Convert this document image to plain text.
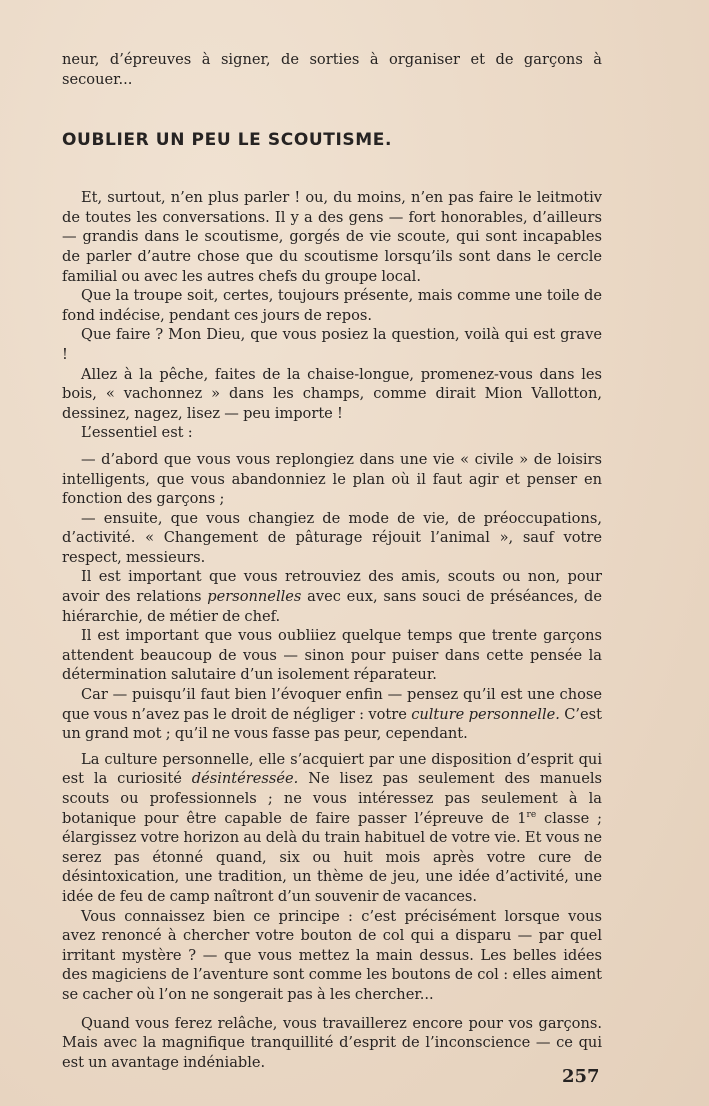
neur, d’épreuves à signer, de sorties à organiser et de garçons à secouer...

OUBLIER UN PEU LE SCOUTISME.

Et, surtout, n’en plus parler ! ou, du moins, n’en pas faire le leitmotiv de toutes les conversations. Il y a des gens — fort honorables, d’ailleurs — grandis dans le scoutisme, gorgés de vie scoute, qui sont incapables de parler d’autre chose que du scoutisme lorsqu’ils sont dans le cercle familial ou avec les autres chefs du groupe local.

Que la troupe soit, certes, toujours présente, mais comme une toile de fond indécise, pendant ces jours de repos.

Que faire ? Mon Dieu, que vous posiez la question, voilà qui est grave !

Allez à la pêche, faites de la chaise-longue, promenez-vous dans les bois, « vachonnez » dans les champs, comme dirait Mion Vallotton, dessinez, nagez, lisez — peu importe !

L’essentiel est :

— d’abord que vous vous replongiez dans une vie « civile » de loisirs intelligents, que vous abandonniez le plan où il faut agir et penser en fonction des garçons ;

— ensuite, que vous changiez de mode de vie, de préoccupations, d’activité. « Changement de pâturage réjouit l’animal », sauf votre respect, messieurs.

Il est important que vous retrouviez des amis, scouts ou non, pour avoir des relations personnelles avec eux, sans souci de préséances, de hiérarchie, de métier de chef.

Il est important que vous oubliiez quelque temps que trente garçons attendent beaucoup de vous — sinon pour puiser dans cette pensée la détermination salutaire d’un isolement réparateur.

Car — puisqu’il faut bien l’évoquer enfin — pensez qu’il est une chose que vous n’avez pas le droit de négliger : votre culture personnelle. C’est un grand mot ; qu’il ne vous fasse pas peur, cependant.

La culture personnelle, elle s’acquiert par une disposition d’esprit qui est la curiosité désintéressée. Ne lisez pas seulement des manuels scouts ou professionnels ; ne vous intéressez pas seulement à la botanique pour être capable de faire passer l’épreuve de 1re classe ; élargissez votre horizon au delà du train habituel de votre vie. Et vous ne serez pas étonné quand, six ou huit mois après votre cure de désintoxication, une tradition, un thème de jeu, une idée d’activité, une idée de feu de camp naîtront d’un souvenir de vacances.

Vous connaissez bien ce principe : c’est précisément lorsque vous avez renoncé à chercher votre bouton de col qui a disparu — par quel irritant mystère ? — que vous mettez la main dessus. Les belles idées des magiciens de l’aventure sont comme les boutons de col : elles aiment se cacher où l’on ne songerait pas à les chercher...

Quand vous ferez relâche, vous travaillerez encore pour vos garçons. Mais avec la magnifique tranquillité d’esprit de l’inconscience — ce qui est un avantage indéniable.

257
